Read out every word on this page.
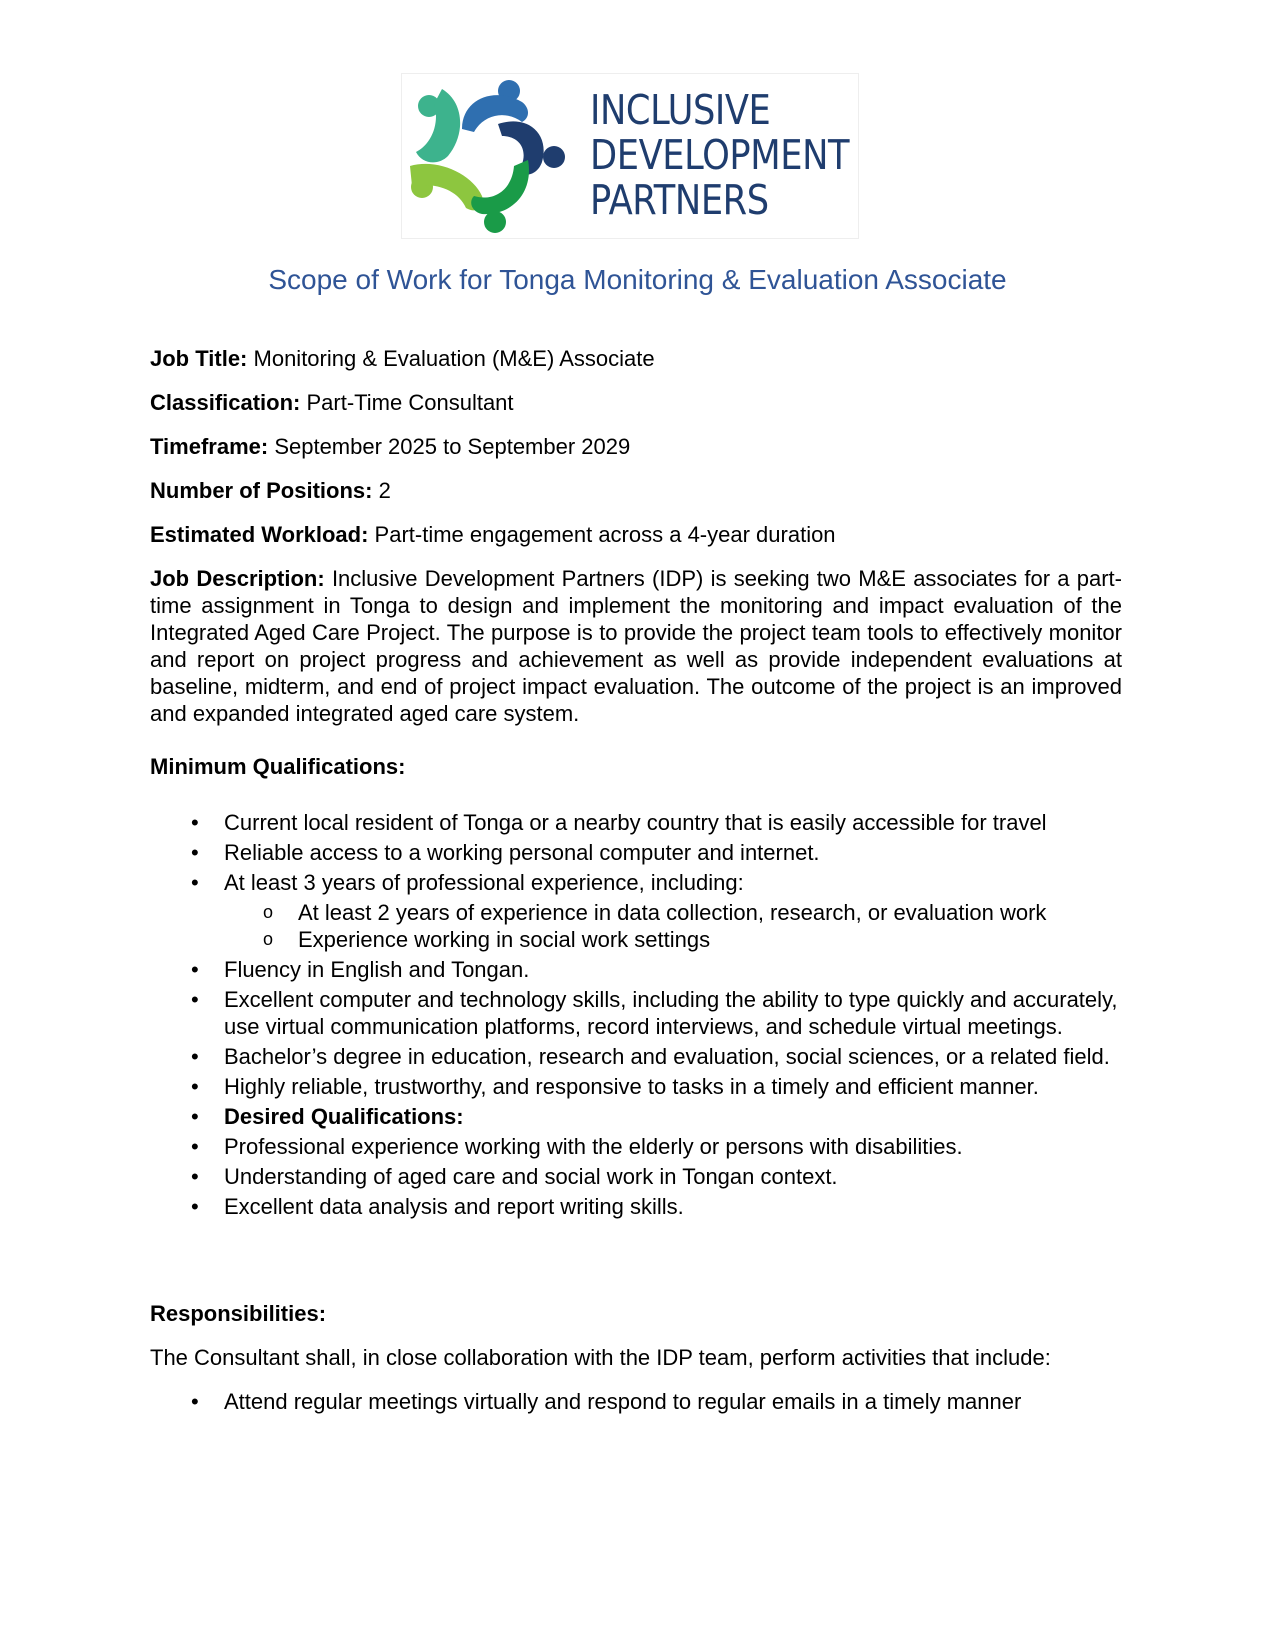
INCLUSIVE
DEVELOPMENT
PARTNERS
Scope of Work for Tonga Monitoring & Evaluation Associate

Job Title: Monitoring & Evaluation (M&E) Associate

Classification: Part-Time Consultant

Timeframe: September 2025 to September 2029

Number of Positions: 2

Estimated Workload: Part-time engagement across a 4-year duration

Job Description: Inclusive Development Partners (IDP) is seeking two M&E associates for a part-time assignment in Tonga to design and implement the monitoring and impact evaluation of the Integrated Aged Care Project. The purpose is to provide the project team tools to effectively monitor and report on project progress and achievement as well as provide independent evaluations at baseline, midterm, and end of project impact evaluation. The outcome of the project is an improved and expanded integrated aged care system.

Minimum Qualifications:

• Current local resident of Tonga or a nearby country that is easily accessible for travel
• Reliable access to a working personal computer and internet.
• At least 3 years of professional experience, including:
o At least 2 years of experience in data collection, research, or evaluation work
o Experience working in social work settings
• Fluency in English and Tongan.
• Excellent computer and technology skills, including the ability to type quickly and accurately, use virtual communication platforms, record interviews, and schedule virtual meetings.
• Bachelor’s degree in education, research and evaluation, social sciences, or a related field.
• Highly reliable, trustworthy, and responsive to tasks in a timely and efficient manner.
• Desired Qualifications:
• Professional experience working with the elderly or persons with disabilities.
• Understanding of aged care and social work in Tongan context.
• Excellent data analysis and report writing skills.

Responsibilities:

The Consultant shall, in close collaboration with the IDP team, perform activities that include:

• Attend regular meetings virtually and respond to regular emails in a timely manner
